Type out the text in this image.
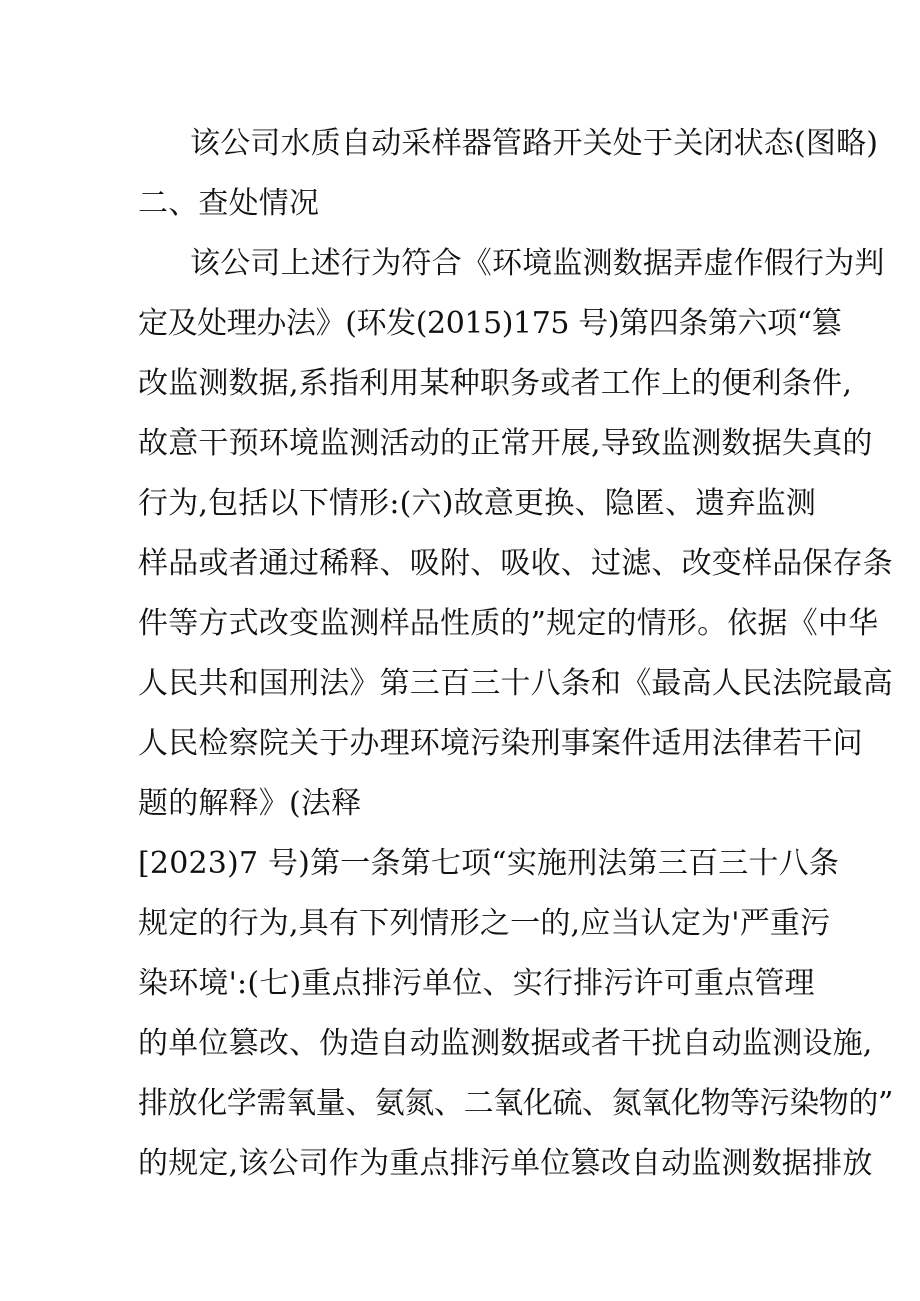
该公司水质自动采样器管路开关处于关闭状态(图略)
二、查处情况
该公司上述行为符合《环境监测数据弄虚作假行为判
定及处理办法》(环发(2015)175 号)第四条第六项“篡
改监测数据,系指利用某种职务或者工作上的便利条件,
故意干预环境监测活动的正常开展,导致监测数据失真的
行为,包括以下情形:(六)故意更换、隐匿、遗弃监测
样品或者通过稀释、吸附、吸收、过滤、改变样品保存条
件等方式改变监测样品性质的”规定的情形。依据《中华
人民共和国刑法》第三百三十八条和《最高人民法院最高
人民检察院关于办理环境污染刑事案件适用法律若干问
题的解释》(法释
[2023)7 号)第一条第七项“实施刑法第三百三十八条
规定的行为,具有下列情形之一的,应当认定为'严重污
染环境':(七)重点排污单位、实行排污许可重点管理
的单位篡改、伪造自动监测数据或者干扰自动监测设施,
排放化学需氧量、氨氮、二氧化硫、氮氧化物等污染物的”
的规定,该公司作为重点排污单位篡改自动监测数据排放
